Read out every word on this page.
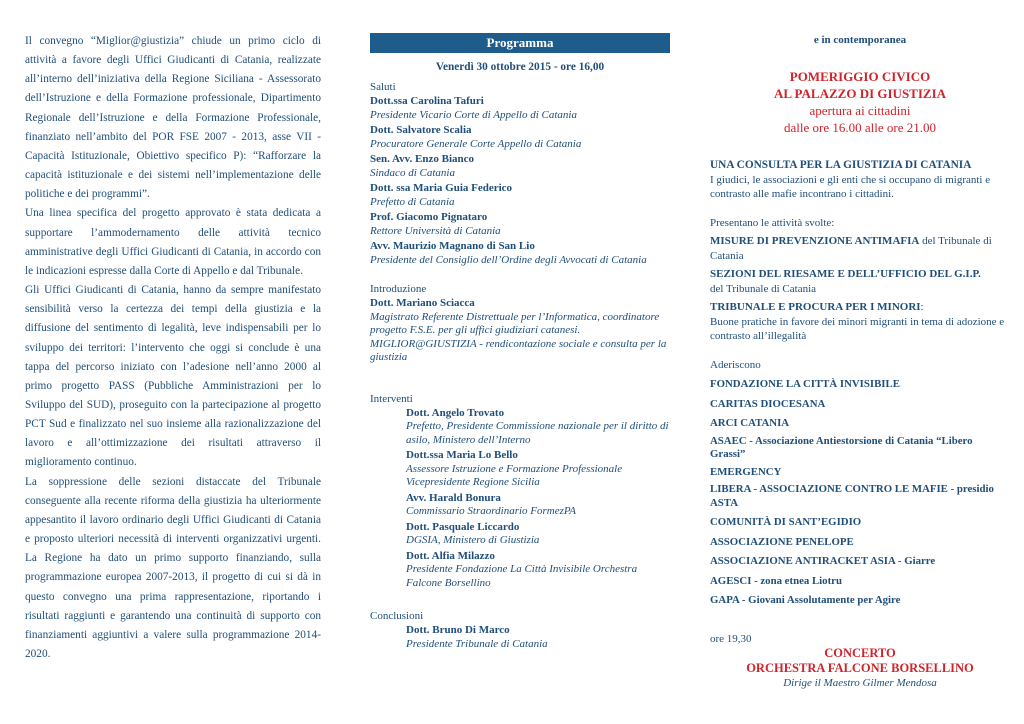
Il convegno “Miglior@giustizia” chiude un primo ciclo di attività a favore degli Uffici Giudicanti di Catania, realizzate all’interno dell’iniziativa della Regione Siciliana - Assessorato dell’Istruzione e della Formazione professionale, Dipartimento Regionale dell’Istruzione e della Formazione Professionale, finanziato nell’ambito del POR FSE 2007 - 2013, asse VII - Capacità Istituzionale, Obiettivo specifico P): “Rafforzare la capacità istituzionale e dei sistemi nell’implementazione delle politiche e dei programmi”.

Una linea specifica del progetto approvato è stata dedicata a supportare l’ammodernamento delle attività tecnico amministrative degli Uffici Giudicanti di Catania, in accordo con le indicazioni espresse dalla Corte di Appello e dal Tribunale.

Gli Uffici Giudicanti di Catania, hanno da sempre manifestato sensibilità verso la certezza dei tempi della giustizia e la diffusione del sentimento di legalità, leve indispensabili per lo sviluppo dei territori: l’intervento che oggi si conclude è una tappa del percorso iniziato con l’adesione nell’anno 2000 al primo progetto PASS (Pubbliche Amministrazioni per lo Sviluppo del SUD), proseguito con la partecipazione al progetto PCT Sud e finalizzato nel suo insieme alla razionalizzazione del lavoro e all’ottimizzazione dei risultati attraverso il miglioramento continuo.

La soppressione delle sezioni distaccate del Tribunale conseguente alla recente riforma della giustizia ha ulteriormente appesantito il lavoro ordinario degli Uffici Giudicanti di Catania e proposto ulteriori necessità di interventi organizzativi urgenti. La Regione ha dato un primo supporto finanziando, sulla programmazione europea 2007-2013, il progetto di cui si dà in questo convegno una prima rappresentazione, riportando i risultati raggiunti e garantendo una continuità di supporto con finanziamenti aggiuntivi a valere sulla programmazione 2014-2020.

Programma
Venerdì 30 ottobre 2015 - ore 16,00
Saluti
Dott.ssa Carolina Tafuri
Presidente Vicario Corte di Appello di Catania
Dott. Salvatore Scalia
Procuratore Generale Corte Appello di Catania
Sen. Avv. Enzo Bianco
Sindaco di Catania
Dott. ssa Maria Guia Federico
Prefetto di Catania
Prof. Giacomo Pignataro
Rettore Università di Catania
Avv. Maurizio Magnano di San Lio
Presidente del Consiglio dell’Ordine degli Avvocati di Catania
Introduzione
Dott. Mariano Sciacca
Magistrato Referente Distrettuale per l’Informatica, coordinatore progetto F.S.E. per gli uffici giudiziari catanesi. MIGLIOR@GIUSTIZIA - rendicontazione sociale e consulta per la giustizia
Interventi
Dott. Angelo Trovato
Prefetto, Presidente Commissione nazionale per il diritto di asilo, Ministero dell’Interno
Dott.ssa Maria Lo Bello
Assessore Istruzione e Formazione Professionale Vicepresidente Regione Sicilia
Avv. Harald Bonura
Commissario Straordinario FormezPA
Dott. Pasquale Liccardo
DGSIA, Ministero di Giustizia
Dott. Alfia Milazzo
Presidente Fondazione La Città Invisibile Orchestra Falcone Borsellino
Conclusioni
Dott. Bruno Di Marco
Presidente Tribunale di Catania
e in contemporanea
POMERIGGIO CIVICO
AL PALAZZO DI GIUSTIZIA
apertura ai cittadini
dalle ore 16.00 alle ore 21.00
UNA CONSULTA PER LA GIUSTIZIA DI CATANIA
I giudici, le associazioni e gli enti che si occupano di migranti e contrasto alle mafie incontrano i cittadini.
Presentano le attività svolte:
MISURE DI PREVENZIONE ANTIMAFIA del Tribunale di Catania
SEZIONI DEL RIESAME E DELL’UFFICIO DEL G.I.P.
del Tribunale di Catania
TRIBUNALE E PROCURA PER I MINORI:
Buone pratiche in favore dei minori migranti in tema di adozione e contrasto all’illegalità
Aderiscono
FONDAZIONE LA CITTÀ INVISIBILE
CARITAS DIOCESANA
ARCI CATANIA
ASAEC - Associazione Antiestorsione di Catania “Libero Grassi”
EMERGENCY
LIBERA - ASSOCIAZIONE CONTRO LE MAFIE - presidio ASTA
COMUNITÀ DI SANT’EGIDIO
ASSOCIAZIONE PENELOPE
ASSOCIAZIONE ANTIRACKET ASIA - Giarre
AGESCI - zona etnea Liotru
GAPA - Giovani Assolutamente per Agire
ore 19,30
CONCERTO
ORCHESTRA FALCONE BORSELLINO
Dirige il Maestro Gilmer Mendosa
